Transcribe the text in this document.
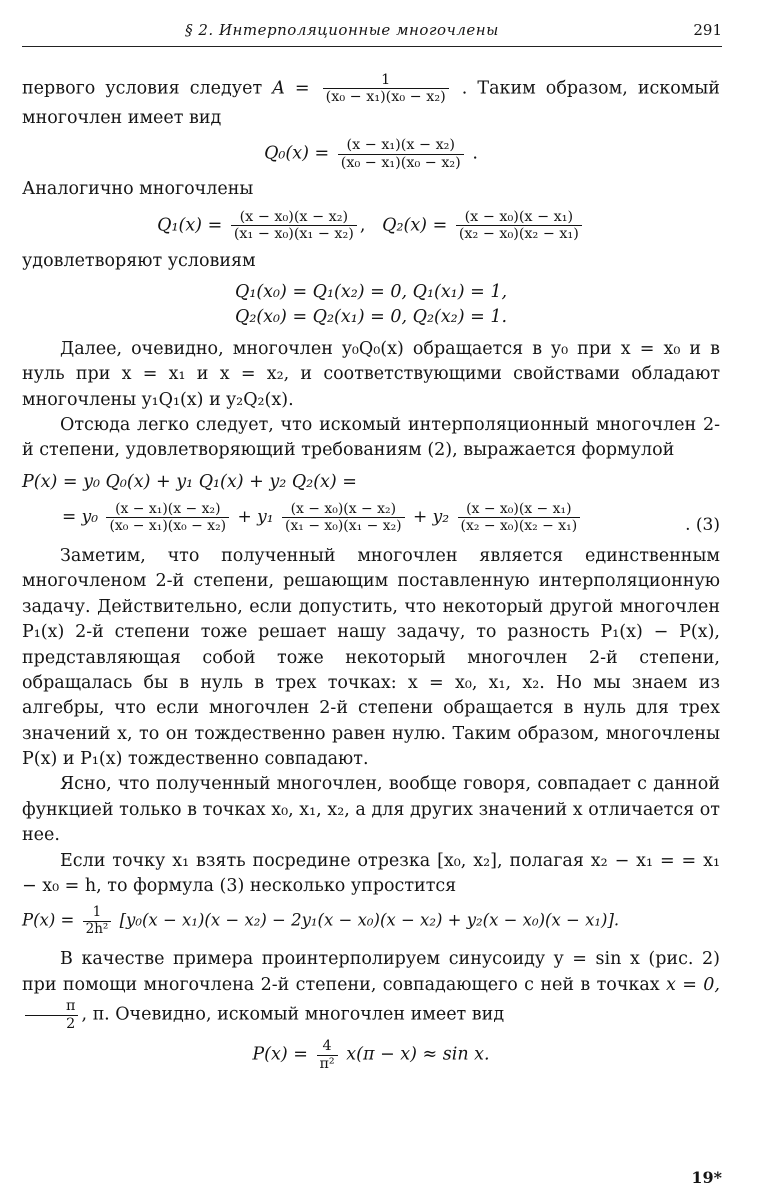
§ 2. Интерполяционные многочлены	291

первого условия следует $A = \frac{1}{\text{(x₀ − x₁)(x₀ − x₂)}}$ . Таким образом, искомый многочлен имеет вид

$Q_0(x) = \frac{\text{(x − x₁)(x − x₂)}}{\text{(x₀ − x₁)(x₀ − x₂)}}$ .

Аналогично многочлены

$Q_1(x) = \frac{\text{(x − x₀)(x − x₂)}}{\text{(x₁ − x₀)(x₁ − x₂)}}$ ,   $Q_2(x) = \frac{\text{(x − x₀)(x − x₁)}}{\text{(x₂ − x₀)(x₂ − x₁)}}$

удовлетворяют условиям

Q₁(x₀) = Q₁(x₂) = 0, Q₁(x₁) = 1,
Q₂(x₀) = Q₂(x₁) = 0, Q₂(x₂) = 1.

Далее, очевидно, многочлен y₀Q₀(x) обращается в y₀ при x = x₀ и в нуль при x = x₁ и x = x₂, и соответствующими свойствами обладают многочлены y₁Q₁(x) и y₂Q₂(x).

Отсюда легко следует, что искомый интерполяционный многочлен 2-й степени, удовлетворяющий требованиям (2), выражается формулой

P(x) = y₀ Q₀(x) + y₁ Q₁(x) + y₂ Q₂(x) =
= $y_0 \frac{\text{(x − x₁)(x − x₂)}}{\text{(x₀ − x₁)(x₀ − x₂)}} + y_1 \frac{\text{(x − x₀)(x − x₂)}}{\text{(x₁ − x₀)(x₁ − x₂)}} + y_2 \frac{\text{(x − x₀)(x − x₁)}}{\text{(x₂ − x₀)(x₂ − x₁)}}$	. (3)

Заметим, что полученный многочлен является единственным многочленом 2-й степени, решающим поставленную интерполяционную задачу. Действительно, если допустить, что некоторый другой многочлен P₁(x) 2-й степени тоже решает нашу задачу, то разность P₁(x) − P(x), представляющая собой тоже некоторый многочлен 2-й степени, обращалась бы в нуль в трех точках: x = x₀, x₁, x₂. Но мы знаем из алгебры, что если многочлен 2-й степени обращается в нуль для трех значений x, то он тождественно равен нулю. Таким образом, многочлены P(x) и P₁(x) тождественно совпадают.

Ясно, что полученный многочлен, вообще говоря, совпадает с данной функцией только в точках x₀, x₁, x₂, а для других значений x отличается от нее.

Если точку x₁ взять посредине отрезка [x₀, x₂], полагая x₂ − x₁ = = x₁ − x₀ = h, то формула (3) несколько упростится

$P(x) = \frac{1}{\text{2h²}} [y_0(x - x_1)(x - x_2) - 2y_1(x - x_0)(x - x_2) + y_2(x - x_0)(x - x_1)]$.

В качестве примера проинтерполируем синусоиду y = sin x (рис. 2) при помощи многочлена 2-й степени, совпадающего с ней в точках x = 0,
$\frac{\pi}{2}$ , π. Очевидно, искомый многочлен имеет вид

$P(x) = \frac{4}{\text{π²}} x(\pi - x) \approx \sin x$.
19*
